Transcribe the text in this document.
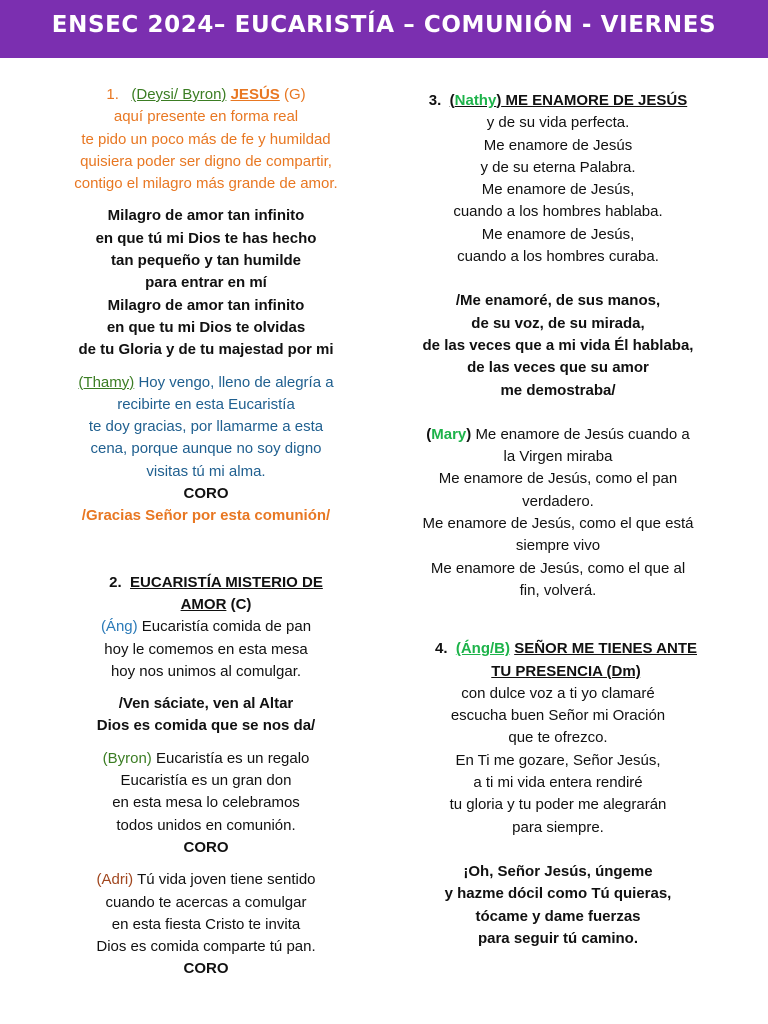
ENSEC 2024– EUCARISTÍA – COMUNIÓN - VIERNES
1. (Deysi/ Byron) JESÚS (G)
aquí presente en forma real
te pido un poco más de fe y humildad
quisiera poder ser digno de compartir,
contigo el milagro más grande de amor.
Milagro de amor tan infinito
en que tú mi Dios te has hecho
tan pequeño y tan humilde
para entrar en mí
Milagro de amor tan infinito
en que tu mi Dios te olvidas
de tu Gloria y de tu majestad por mi
(Thamy) Hoy vengo, lleno de alegría a
recibirte en esta Eucaristía
te doy gracias, por llamarme a esta
cena, porque aunque no soy digno
visitas tú mi alma.
CORO
/Gracias Señor por esta comunión/
2. EUCARISTÍA MISTERIO DE
AMOR (C)
(Áng) Eucaristía comida de pan
hoy le comemos en esta mesa
hoy nos unimos al comulgar.
/Ven sáciate, ven al Altar
Dios es comida que se nos da/
(Byron) Eucaristía es un regalo
Eucaristía es un gran don
en esta mesa lo celebramos
todos unidos en comunión.
CORO
(Adri) Tú vida joven tiene sentido
cuando te acercas a comulgar
en esta fiesta Cristo te invita
Dios es comida comparte tú pan.
CORO
3. (Nathy) ME ENAMORE DE JESÚS
y de su vida perfecta.
Me enamore de Jesús
y de su eterna Palabra.
Me enamore de Jesús,
cuando a los hombres hablaba.
Me enamore de Jesús,
cuando a los hombres curaba.
/Me enamoré, de sus manos,
de su voz, de su mirada,
de las veces que a mi vida Él hablaba,
de las veces que su amor
me demostraba/
(Mary) Me enamore de Jesús cuando a
la Virgen miraba
Me enamore de Jesús, como el pan
verdadero.
Me enamore de Jesús, como el que está
siempre vivo
Me enamore de Jesús, como el que al
fin, volverá.
4. (Áng/B) SEÑOR ME TIENES ANTE
TU PRESENCIA (Dm)
con dulce voz a ti yo clamaré
escucha buen Señor mi Oración
que te ofrezco.
En Ti me gozare, Señor Jesús,
a ti mi vida entera rendiré
tu gloria y tu poder me alegrarán
para siempre.
¡Oh, Señor Jesús, úngeme
y hazme dócil como Tú quieras,
tócame y dame fuerzas
para seguir tú camino.
